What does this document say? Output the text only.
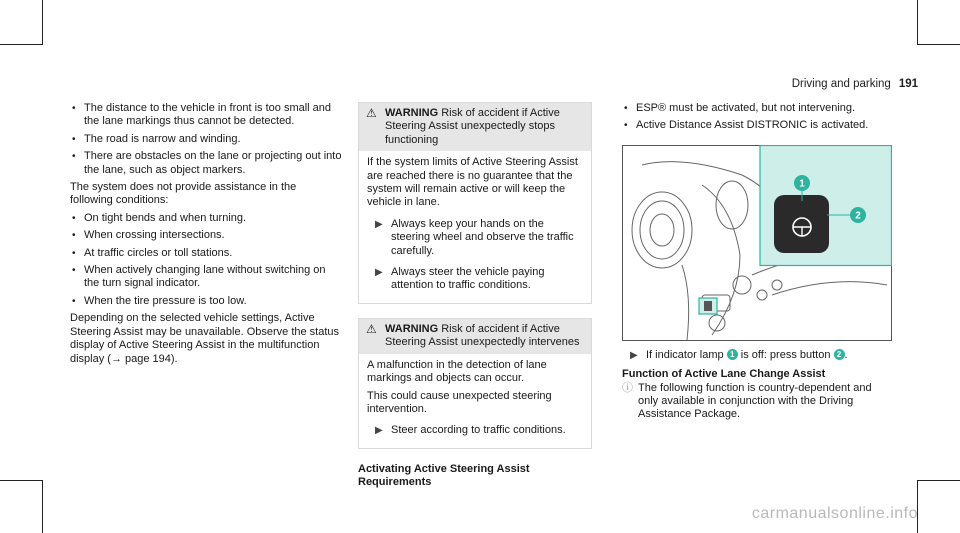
Driving and parking 191
• The distance to the vehicle in front is too small and the lane markings thus cannot be detected.
• The road is narrow and winding.
• There are obstacles on the lane or projecting out into the lane, such as object markers.

The system does not provide assistance in the following conditions:

• On tight bends and when turning.
• When crossing intersections.
• At traffic circles or toll stations.
• When actively changing lane without switching on the turn signal indicator.
• When the tire pressure is too low.

Depending on the selected vehicle settings, Active Steering Assist may be unavailable. Observe the status display of Active Steering Assist in the multifunction display (→ page 194).

⚠ WARNING Risk of accident if Active Steering Assist unexpectedly stops functioning

If the system limits of Active Steering Assist are reached there is no guarantee that the system will remain active or will keep the vehicle in lane.

▶ Always keep your hands on the steering wheel and observe the traffic carefully.
▶ Always steer the vehicle paying attention to traffic conditions.
⚠ WARNING Risk of accident if Active Steering Assist unexpectedly intervenes

A malfunction in the detection of lane markings and objects can occur.

This could cause unexpected steering intervention.

▶ Steer according to traffic conditions.
Activating Active Steering Assist
Requirements
• ESP® must be activated, but not intervening.
• Active Distance Assist DISTRONIC is activated.
1
2
▶ If indicator lamp 1 is off: press button 2 .
Function of Active Lane Change Assist
ⓘ The following function is country-dependent and only available in conjunction with the Driving Assistance Package.
carmanualsonline.info
